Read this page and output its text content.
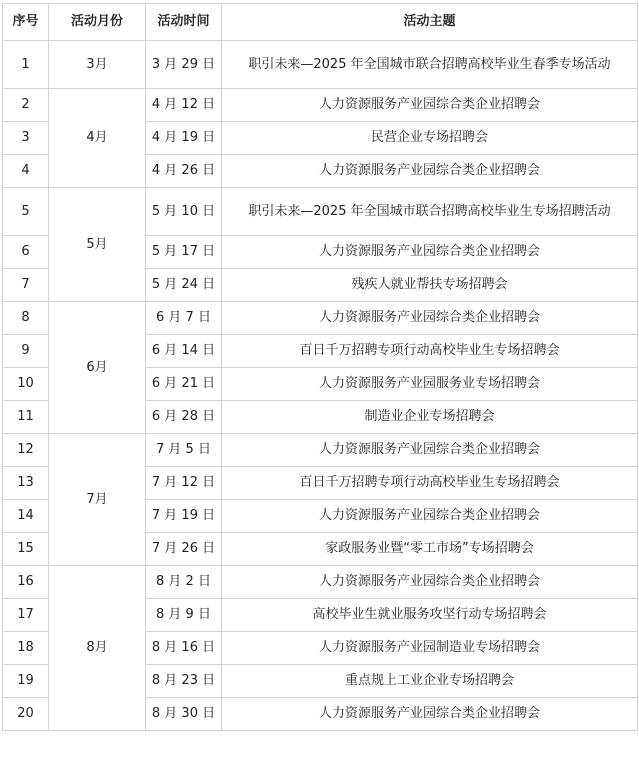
序号	活动月份	活动时间	活动主题
1	3月	3 月 29 日	职引未来—2025 年全国城市联合招聘高校毕业生春季专场活动
2	4月	4 月 12 日	人力资源服务产业园综合类企业招聘会
3		4 月 19 日	民营企业专场招聘会
4		4 月 26 日	人力资源服务产业园综合类企业招聘会
5	5月	5 月 10 日	职引未来—2025 年全国城市联合招聘高校毕业生专场招聘活动
6		5 月 17 日	人力资源服务产业园综合类企业招聘会
7		5 月 24 日	残疾人就业帮扶专场招聘会
8	6月	6 月 7 日	人力资源服务产业园综合类企业招聘会
9		6 月 14 日	百日千万招聘专项行动高校毕业生专场招聘会
10		6 月 21 日	人力资源服务产业园服务业专场招聘会
11		6 月 28 日	制造业企业专场招聘会
12	7月	7 月 5 日	人力资源服务产业园综合类企业招聘会
13		7 月 12 日	百日千万招聘专项行动高校毕业生专场招聘会
14		7 月 19 日	人力资源服务产业园综合类企业招聘会
15		7 月 26 日	家政服务业暨“零工市场”专场招聘会
16	8月	8 月 2 日	人力资源服务产业园综合类企业招聘会
17		8 月 9 日	高校毕业生就业服务攻坚行动专场招聘会
18		8 月 16 日	人力资源服务产业园制造业专场招聘会
19		8 月 23 日	重点规上工业企业专场招聘会
20		8 月 30 日	人力资源服务产业园综合类企业招聘会
